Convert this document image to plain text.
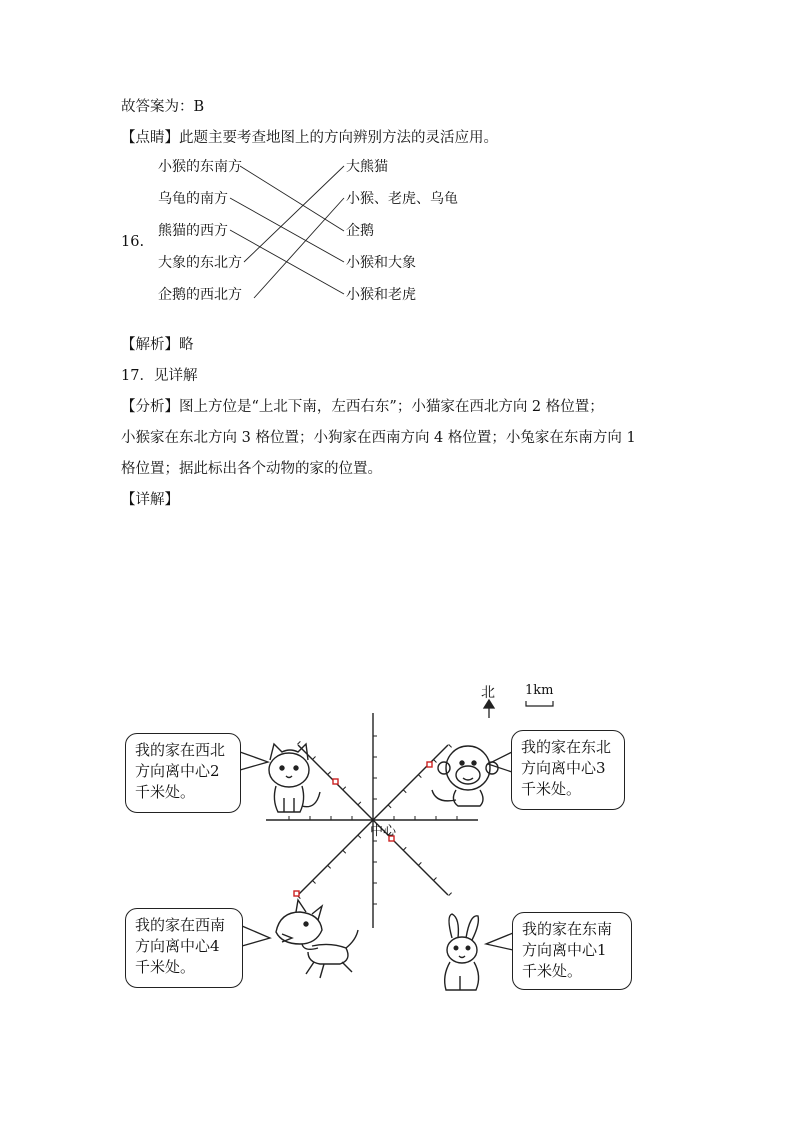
故答案为：B
【点睛】此题主要考查地图上的方向辨别方法的灵活应用。
16.
小猴的东南方
乌龟的南方
熊猫的西方
大象的东北方
企鹅的西北方
大熊猫
小猴、老虎、乌龟
企鹅
小猴和大象
小猴和老虎
【解析】略
17．见详解
【分析】图上方位是“上北下南，左西右东”；小猫家在西北方向 2 格位置；
小猴家在东北方向 3 格位置；小狗家在西南方向 4 格位置；小兔家在东南方向 1
格位置；据此标出各个动物的家的位置。
【详解】
北 1km
中心
我的家在西北
方向离中心2
千米处。
我的家在东北
方向离中心3
千米处。
我的家在西南
方向离中心4
千米处。
我的家在东南
方向离中心1
千米处。
